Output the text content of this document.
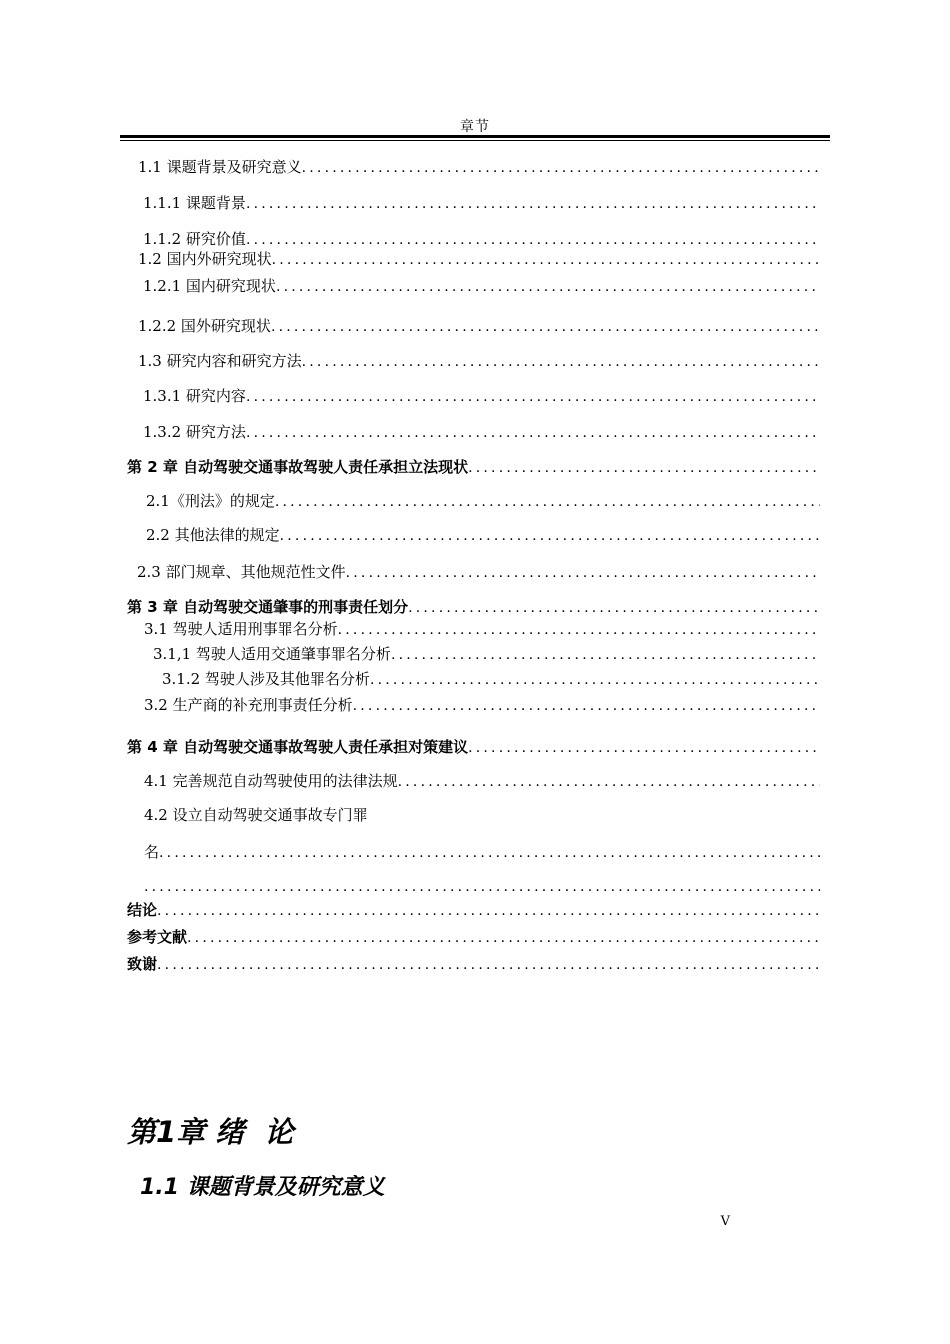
章节
1.1 课题背景及研究意义
.....
1.1.1 课题背景
.....
1.1.2 研究价值
.....
1.2 国内外研究现状
.....
1.2.1 国内研究现状
.....
1.2.2 国外研究现状
.....
1.3 研究内容和研究方法
.....
1.3.1 研究内容
.....
1.3.2 研究方法
.....
第 2 章 自动驾驶交通事故驾驶人责任承担立法现状
.....
2.1《刑法》的规定
.....
2.2 其他法律的规定
.....
2.3 部门规章、其他规范性文件
.....
第 3 章 自动驾驶交通肇事的刑事责任划分
.....
3.1 驾驶人适用刑事罪名分析
.....
3.1,1 驾驶人适用交通肇事罪名分析
.....
3.1.2 驾驶人涉及其他罪名分析
.....
3.2 生产商的补充刑事责任分析
.....
第 4 章 自动驾驶交通事故驾驶人责任承担对策建议
.....
4.1 完善规范自动驾驶使用的法律法规
.....
4.2 设立自动驾驶交通事故专门罪
名
.....
.....
结论
.....
参考文献
.....
致谢
.....
第1章 绪  论
1.1 课题背景及研究意义
V
